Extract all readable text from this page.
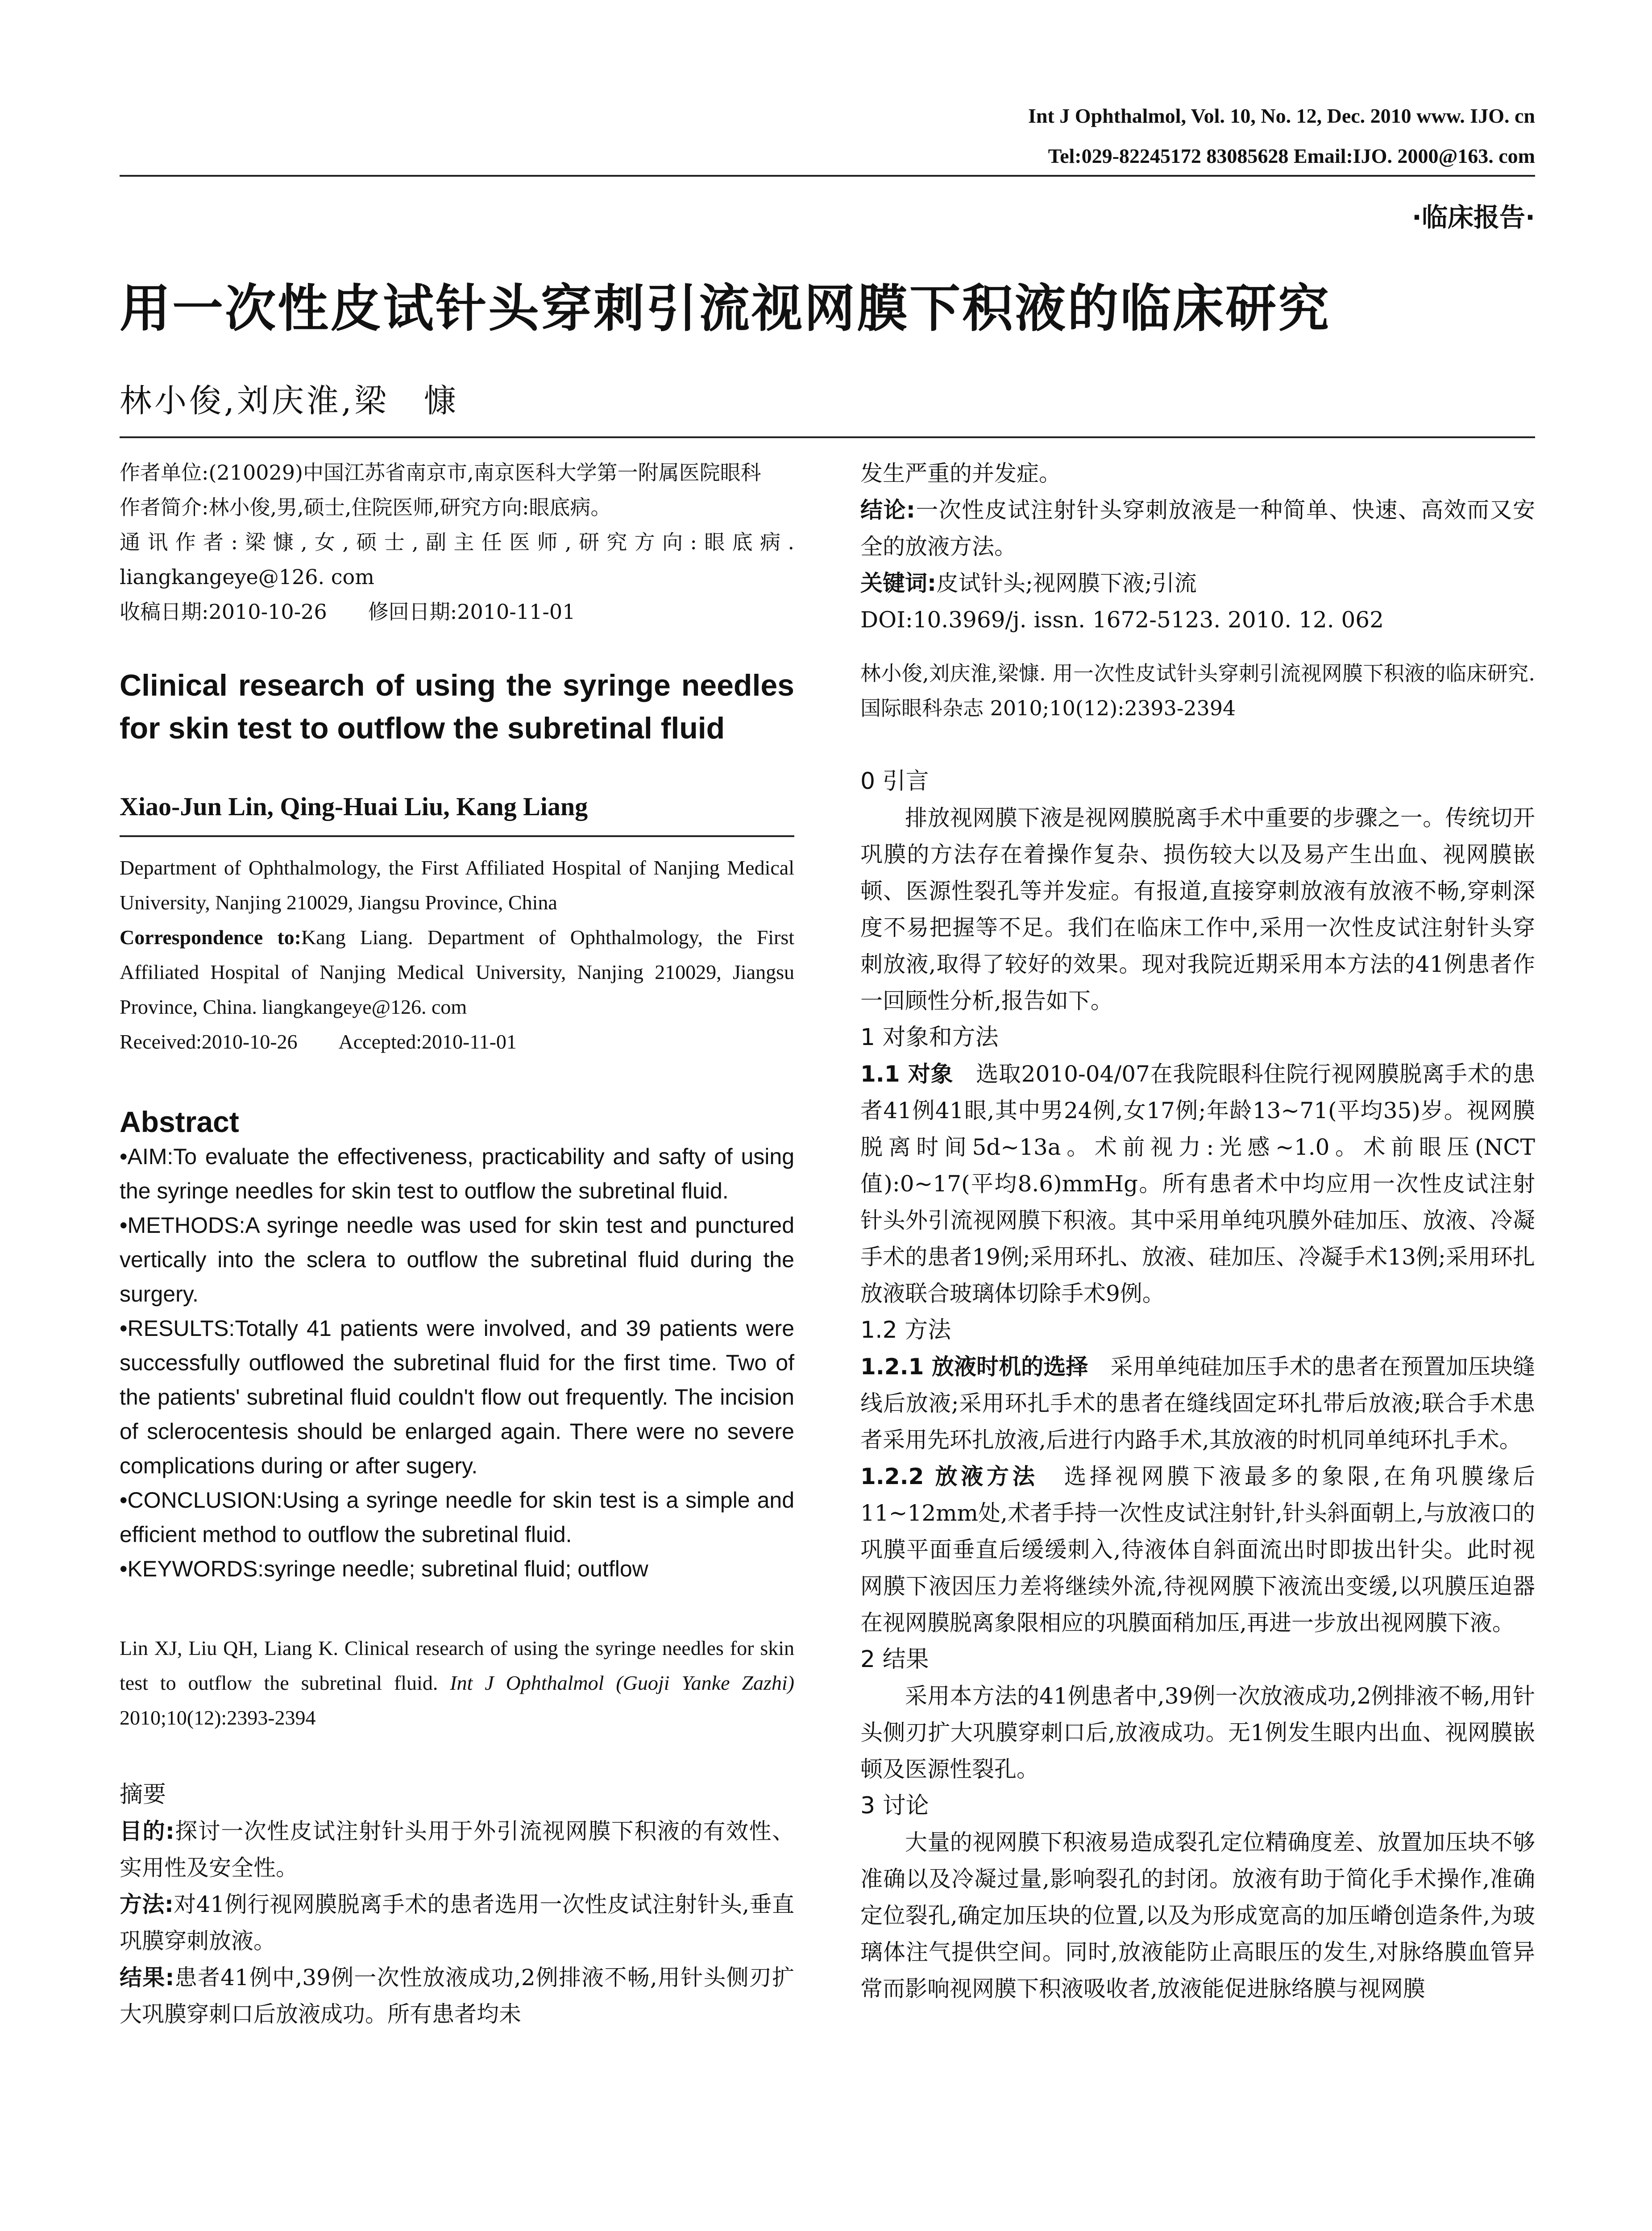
Int J Ophthalmol, Vol. 10, No. 12, Dec. 2010 www. IJO. cn
Tel:029-82245172 83085628 Email:IJO. 2000@163. com
·临床报告·
用一次性皮试针头穿刺引流视网膜下积液的临床研究
林小俊,刘庆淮,梁　慷

作者单位:(210029)中国江苏省南京市,南京医科大学第一附属医院眼科

作者简介:林小俊,男,硕士,住院医师,研究方向:眼底病。

通讯作者:梁慷,女,硕士,副主任医师,研究方向:眼底病. liangkangeye@126. com

收稿日期:2010-10-26　　修回日期:2010-11-01

Clinical research of using the syringe needles for skin test to outflow the subretinal fluid
Xiao-Jun Lin, Qing-Huai Liu, Kang Liang

Department of Ophthalmology, the First Affiliated Hospital of Nanjing Medical University, Nanjing 210029, Jiangsu Province, China

Correspondence to:Kang Liang. Department of Ophthalmology, the First Affiliated Hospital of Nanjing Medical University, Nanjing 210029, Jiangsu Province, China. liangkangeye@126. com

Received:2010-10-26　　Accepted:2010-11-01

Abstract

•AIM:To evaluate the effectiveness, practicability and safty of using the syringe needles for skin test to outflow the subretinal fluid.

•METHODS:A syringe needle was used for skin test and punctured vertically into the sclera to outflow the subretinal fluid during the surgery.

•RESULTS:Totally 41 patients were involved, and 39 patients were successfully outflowed the subretinal fluid for the first time. Two of the patients' subretinal fluid couldn't flow out frequently. The incision of sclerocentesis should be enlarged again. There were no severe complications during or after sugery.

•CONCLUSION:Using a syringe needle for skin test is a simple and efficient method to outflow the subretinal fluid.

•KEYWORDS:syringe needle; subretinal fluid; outflow

Lin XJ, Liu QH, Liang K. Clinical research of using the syringe needles for skin test to outflow the subretinal fluid. Int J Ophthalmol (Guoji Yanke Zazhi) 2010;10(12):2393-2394
摘要

目的:探讨一次性皮试注射针头用于外引流视网膜下积液的有效性、实用性及安全性。

方法:对41例行视网膜脱离手术的患者选用一次性皮试注射针头,垂直巩膜穿刺放液。

结果:患者41例中,39例一次性放液成功,2例排液不畅,用针头侧刃扩大巩膜穿刺口后放液成功。所有患者均未

发生严重的并发症。

结论:一次性皮试注射针头穿刺放液是一种简单、快速、高效而又安全的放液方法。

关键词:皮试针头;视网膜下液;引流

DOI:10.3969/j. issn. 1672-5123. 2010. 12. 062

林小俊,刘庆淮,梁慷. 用一次性皮试针头穿刺引流视网膜下积液的临床研究. 国际眼科杂志 2010;10(12):2393-2394
0 引言
排放视网膜下液是视网膜脱离手术中重要的步骤之一。传统切开巩膜的方法存在着操作复杂、损伤较大以及易产生出血、视网膜嵌顿、医源性裂孔等并发症。有报道,直接穿刺放液有放液不畅,穿刺深度不易把握等不足。我们在临床工作中,采用一次性皮试注射针头穿刺放液,取得了较好的效果。现对我院近期采用本方法的41例患者作一回顾性分析,报告如下。
1 对象和方法
1.1 对象　 选取2010-04/07在我院眼科住院行视网膜脱离手术的患者41例41眼,其中男24例,女17例;年龄13~71(平均35)岁。视网膜脱离时间5d~13a。术前视力:光感~1.0。术前眼压(NCT值):0~17(平均8.6)mmHg。所有患者术中均应用一次性皮试注射针头外引流视网膜下积液。其中采用单纯巩膜外硅加压、放液、冷凝手术的患者19例;采用环扎、放液、硅加压、冷凝手术13例;采用环扎放液联合玻璃体切除手术9例。
1.2 方法
1.2.1 放液时机的选择　 采用单纯硅加压手术的患者在预置加压块缝线后放液;采用环扎手术的患者在缝线固定环扎带后放液;联合手术患者采用先环扎放液,后进行内路手术,其放液的时机同单纯环扎手术。
1.2.2 放液方法　 选择视网膜下液最多的象限,在角巩膜缘后11~12mm处,术者手持一次性皮试注射针,针头斜面朝上,与放液口的巩膜平面垂直后缓缓刺入,待液体自斜面流出时即拔出针尖。此时视网膜下液因压力差将继续外流,待视网膜下液流出变缓,以巩膜压迫器在视网膜脱离象限相应的巩膜面稍加压,再进一步放出视网膜下液。
2 结果
采用本方法的41例患者中,39例一次放液成功,2例排液不畅,用针头侧刃扩大巩膜穿刺口后,放液成功。无1例发生眼内出血、视网膜嵌顿及医源性裂孔。
3 讨论
大量的视网膜下积液易造成裂孔定位精确度差、放置加压块不够准确以及冷凝过量,影响裂孔的封闭。放液有助于简化手术操作,准确定位裂孔,确定加压块的位置,以及为形成宽高的加压嵴创造条件,为玻璃体注气提供空间。同时,放液能防止高眼压的发生,对脉络膜血管异常而影响视网膜下积液吸收者,放液能促进脉络膜与视网膜
